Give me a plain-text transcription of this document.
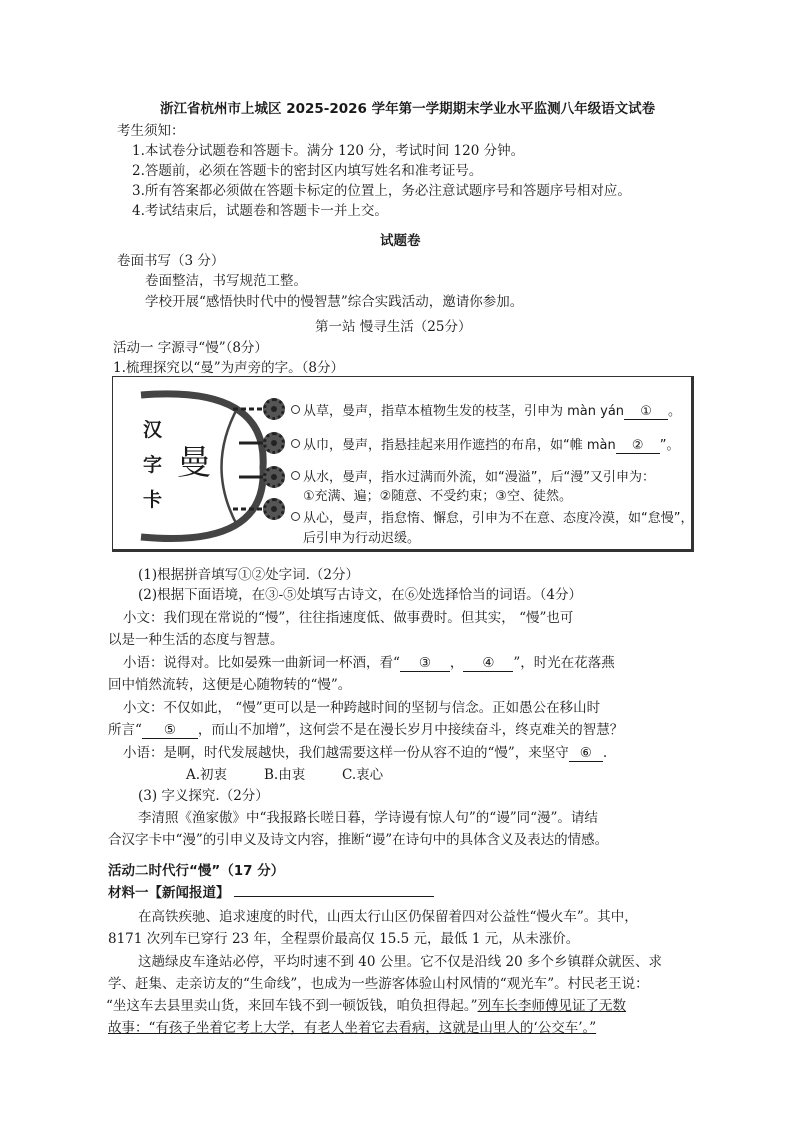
浙江省杭州市上城区 2025-2026 学年第一学期期末学业水平监测八年级语文试卷
考生须知：
1.本试卷分试题卷和答题卡。满分 120 分，考试时间 120 分钟。
2.答题前，必须在答题卡的密封区内填写姓名和准考证号。
3.所有答案都必须做在答题卡标定的位置上，务必注意试题序号和答题序号相对应。
4.考试结束后，试题卷和答题卡一并上交。
试题卷
卷面书写（3 分）
卷面整洁，书写规范工整。
学校开展“感悟快时代中的慢智慧”综合实践活动，邀请你参加。
第一站 慢寻生活（25分）
活动一 字源寻“慢”（8分）
1.梳理探究以“曼”为声旁的字。（8分）
汉
字
卡
曼
从草，曼声，指草本植物生发的枝茎，引申为 màn yán ① 。
从巾，曼声，指悬挂起来用作遮挡的布帛，如“帷 màn ② ”。
从水，曼声，指水过满而外流，如“漫溢”，后“漫”又引申为：
①充满、遍；②随意、不受约束；③空、徒然。
从心，曼声，指怠惰、懈怠，引申为不在意、态度冷漠，如“怠慢”，
后引申为行动迟缓。
(1)根据拼音填写①②处字词.（2分）
(2)根据下面语境，在③-⑤处填写古诗文，在⑥处选择恰当的词语。（4分）
小文：我们现在常说的“慢”，往往指速度低、做事费时。但其实， “慢”也可
以是一种生活的态度与智慧。
小语：说得对。比如晏殊一曲新词一杯酒，看“ ③ ， ④ ”，时光在花落燕
回中悄然流转，这便是心随物转的“慢”。
小文：不仅如此， “慢”更可以是一种跨越时间的坚韧与信念。正如愚公在移山时
所言“ ⑤ ，而山不加增”，这何尝不是在漫长岁月中接续奋斗，终克难关的智慧？
小语：是啊，时代发展越快，我们越需要这样一份从容不迫的“慢”，来坚守 ⑥ .
A.初衷	B.由衷	C.衷心
(3) 字义探究.（2分）
李清照《渔家傲》中“我报路长嗟日暮，学诗谩有惊人句”的“谩”同“漫”。请结
合汉字卡中“漫”的引申义及诗文内容，推断“谩”在诗句中的具体含义及表达的情感。
活动二时代行“慢”（17 分）
材料一【新闻报道】
在高铁疾驰、追求速度的时代，山西太行山区仍保留着四对公益性“慢火车”。其中，
8171 次列车已穿行 23 年，全程票价最高仅 15.5 元，最低 1 元，从未涨价。
这趟绿皮车逢站必停，平均时速不到 40 公里。它不仅是沿线 20 多个乡镇群众就医、求
学、赶集、走亲访友的“生命线”，也成为一些游客体验山村风情的“观光车”。村民老王说：
“坐这车去县里卖山货，来回车钱不到一顿饭钱，咱负担得起。”列车长李师傅见证了无数
故事：“有孩子坐着它考上大学，有老人坐着它去看病，这就是山里人的‘公交车’。”
